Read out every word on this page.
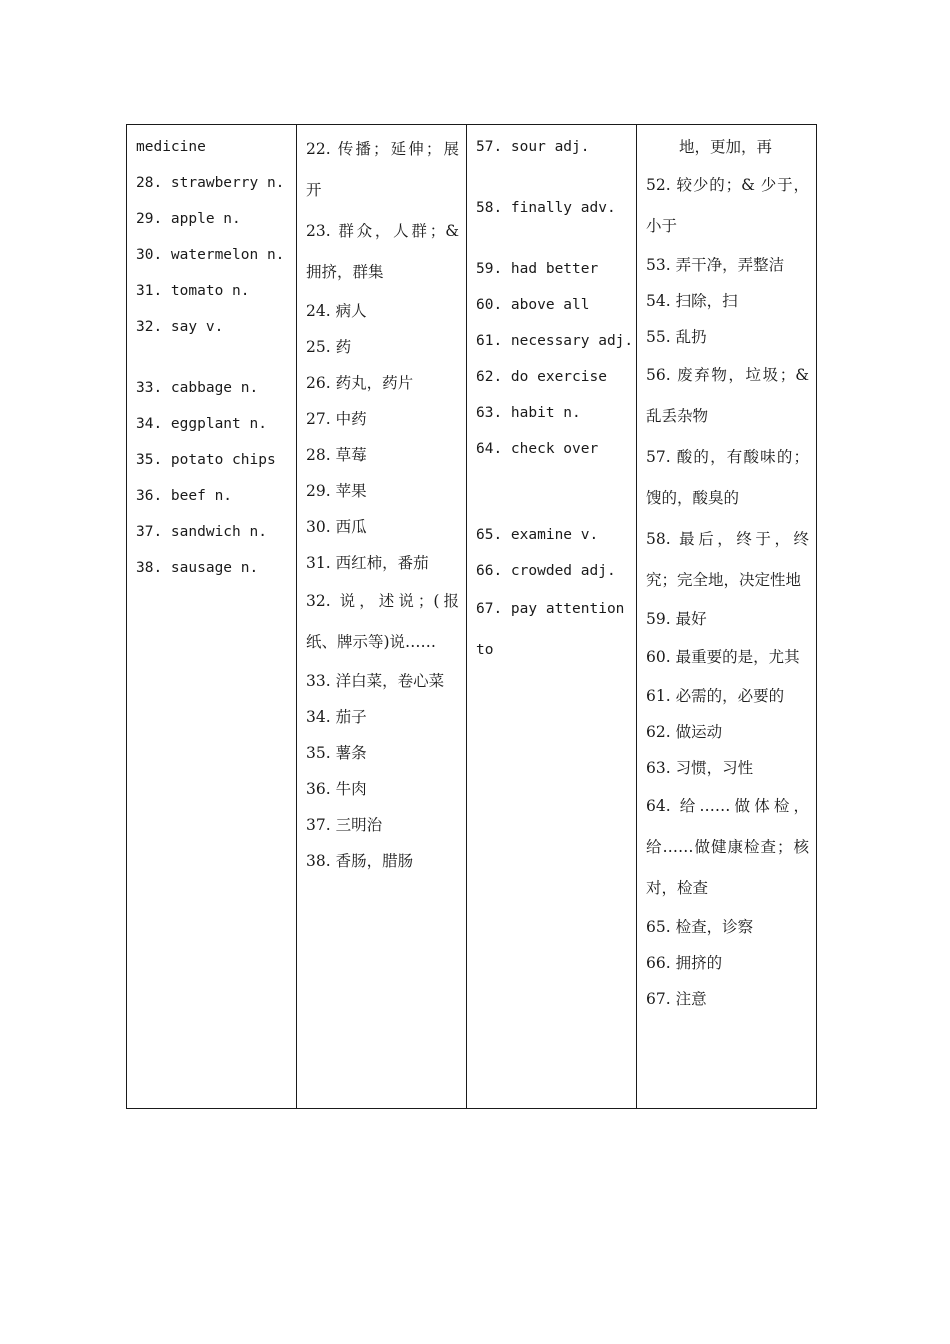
medicine
28. strawberry n.
29. apple n.
30. watermelon n.
31. tomato n.
32. say v.
33. cabbage n.
34. eggplant n.
35. potato chips
36. beef n.
37. sandwich n.
38. sausage n.

22. 传播；延伸；展开
23. 群众，人群；& 拥挤，群集
24. 病人
25. 药
26. 药丸，药片
27. 中药
28. 草莓
29. 苹果
30. 西瓜
31. 西红柿，番茄
32. 说，述说；(报纸、牌示等)说……
33. 洋白菜，卷心菜
34. 茄子
35. 薯条
36. 牛肉
37. 三明治
38. 香肠，腊肠

57. sour adj.
58. finally adv.
59. had better
60. above all
61. necessary adj.
62. do exercise
63. habit n.
64. check over
65. examine v.
66. crowded adj.
67. pay attention to

地，更加，再
52. 较少的；& 少于，小于
53. 弄干净，弄整洁
54. 扫除，扫
55. 乱扔
56. 废弃物，垃圾；& 乱丢杂物
57. 酸的，有酸味的；馊的，酸臭的
58. 最后，终于，终究；完全地，决定性地
59. 最好
60. 最重要的是，尤其
61. 必需的，必要的
62. 做运动
63. 习惯，习性
64. 给……做体检，给……做健康检查；核对，检查
65. 检查，诊察
66. 拥挤的
67. 注意
